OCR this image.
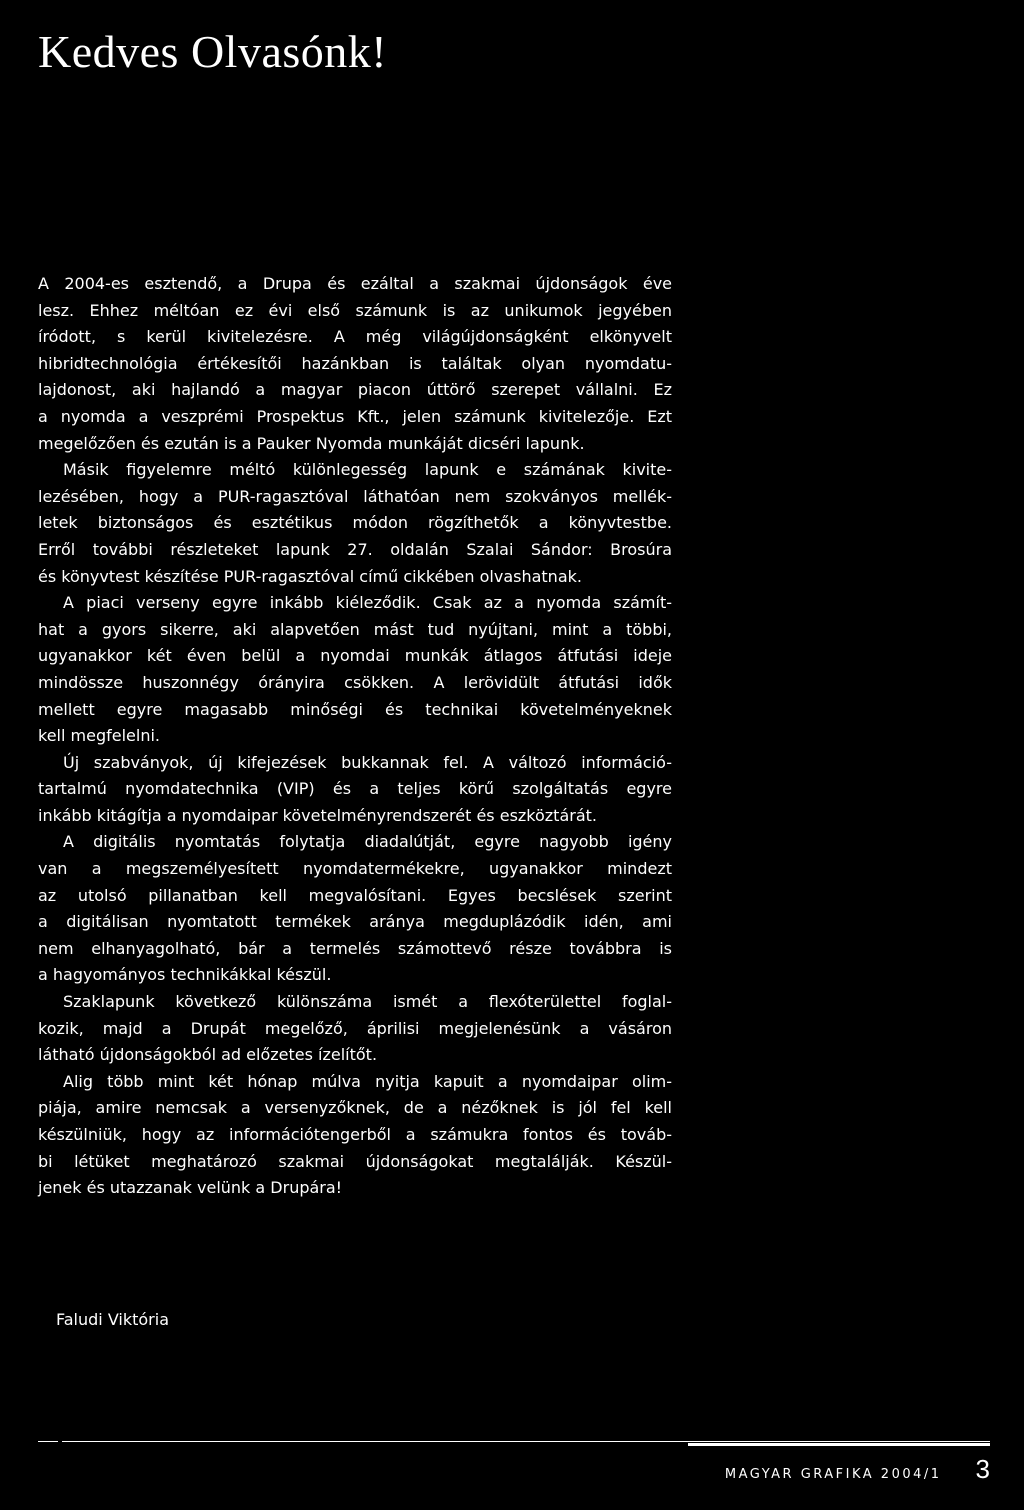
Kedves Olvasónk!

A 2004-es esztendő, a Drupa és ezáltal a szakmai újdonságok éve
lesz. Ehhez méltóan ez évi első számunk is az unikumok jegyében
íródott, s kerül kivitelezésre. A még világújdonságként elkönyvelt
hibridtechnológia értékesítői hazánkban is találtak olyan nyomdatu-
lajdonost, aki hajlandó a magyar piacon úttörő szerepet vállalni. Ez
a nyomda a veszprémi Prospektus Kft., jelen számunk kivitelezője. Ezt
megelőzően és ezután is a Pauker Nyomda munkáját dicséri lapunk.

Másik figyelemre méltó különlegesség lapunk e számának kivite-
lezésében, hogy a PUR-ragasztóval láthatóan nem szokványos mellék-
letek biztonságos és esztétikus módon rögzíthetők a könyvtestbe.
Erről további részleteket lapunk 27. oldalán Szalai Sándor: Brosúra
és könyvtest készítése PUR-ragasztóval című cikkében olvashatnak.

A piaci verseny egyre inkább kiéleződik. Csak az a nyomda számít-
hat a gyors sikerre, aki alapvetően mást tud nyújtani, mint a többi,
ugyanakkor két éven belül a nyomdai munkák átlagos átfutási ideje
mindössze huszonnégy órányira csökken. A lerövidült átfutási idők
mellett egyre magasabb minőségi és technikai követelményeknek
kell megfelelni.

Új szabványok, új kifejezések bukkannak fel. A változó információ-
tartalmú nyomdatechnika (VIP) és a teljes körű szolgáltatás egyre
inkább kitágítja a nyomdaipar követelményrendszerét és eszköztárát.

A digitális nyomtatás folytatja diadalútját, egyre nagyobb igény
van a megszemélyesített nyomdatermékekre, ugyanakkor mindezt
az utolsó pillanatban kell megvalósítani. Egyes becslések szerint
a digitálisan nyomtatott termékek aránya megduplázódik idén, ami
nem elhanyagolható, bár a termelés számottevő része továbbra is
a hagyományos technikákkal készül.

Szaklapunk következő különszáma ismét a flexóterülettel foglal-
kozik, majd a Drupát megelőző, áprilisi megjelenésünk a vásáron
látható újdonságokból ad előzetes ízelítőt.

Alig több mint két hónap múlva nyitja kapuit a nyomdaipar olim-
piája, amire nemcsak a versenyzőknek, de a nézőknek is jól fel kell
készülniük, hogy az információtengerből a számukra fontos és továb-
bi létüket meghatározó szakmai újdonságokat megtalálják. Készül-
jenek és utazzanak velünk a Drupára!

Faludi Viktória

MAGYAR GRAFIKA 2004/1 3
